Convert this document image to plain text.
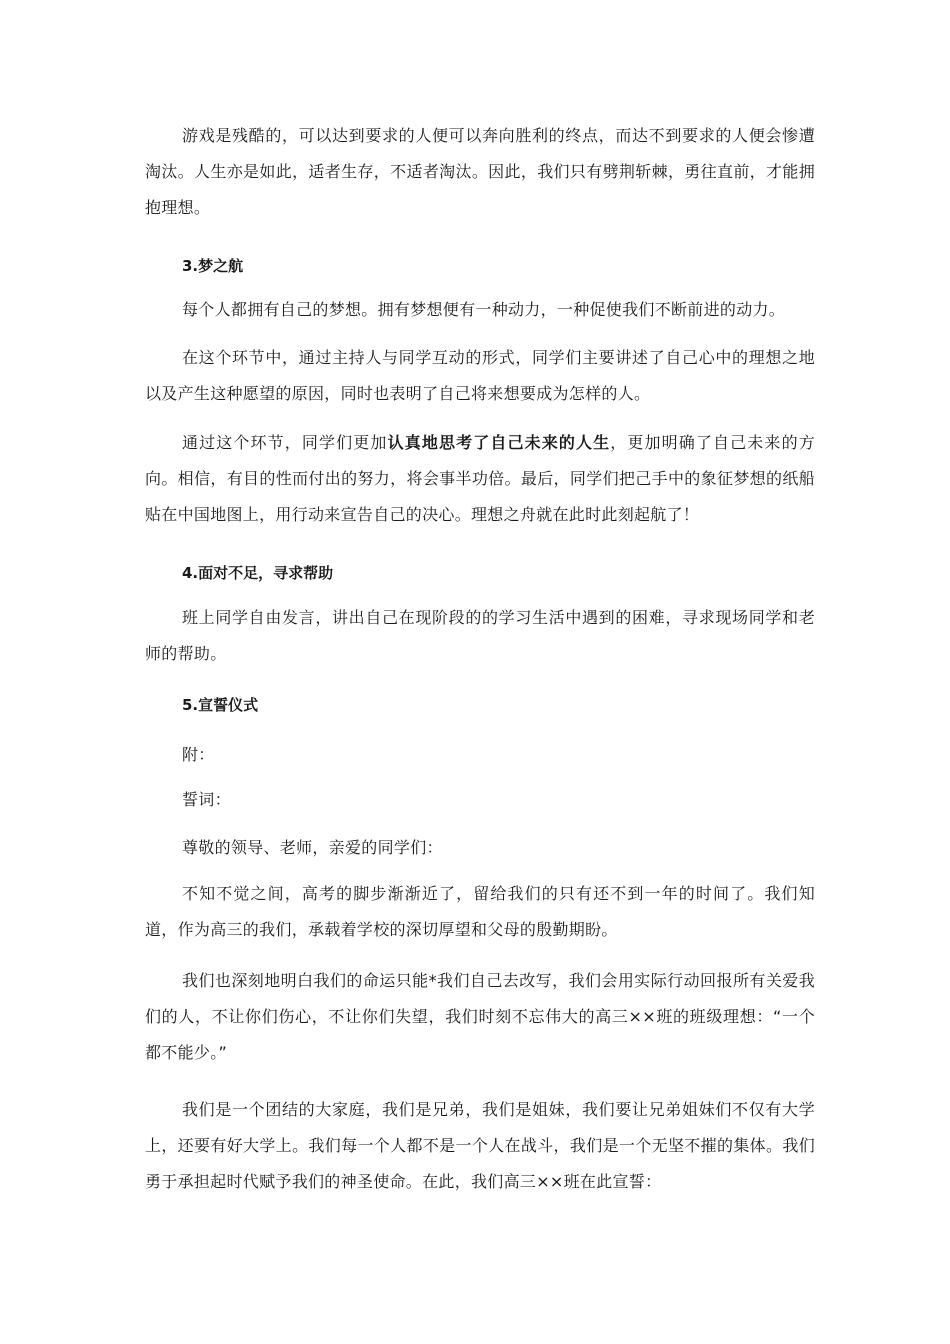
游戏是残酷的，可以达到要求的人便可以奔向胜利的终点，而达不到要求的人便会惨遭淘汰。人生亦是如此，适者生存，不适者淘汰。因此，我们只有劈荆斩棘，勇往直前，才能拥抱理想。

3.梦之航

每个人都拥有自己的梦想。拥有梦想便有一种动力，一种促使我们不断前进的动力。

在这个环节中，通过主持人与同学互动的形式，同学们主要讲述了自己心中的理想之地以及产生这种愿望的原因，同时也表明了自己将来想要成为怎样的人。

通过这个环节，同学们更加认真地思考了自己未来的人生，更加明确了自己未来的方向。相信，有目的性而付出的努力，将会事半功倍。最后，同学们把己手中的象征梦想的纸船贴在中国地图上，用行动来宣告自己的决心。理想之舟就在此时此刻起航了！

4.面对不足，寻求帮助

班上同学自由发言，讲出自己在现阶段的的学习生活中遇到的困难，寻求现场同学和老师的帮助。

5.宣誓仪式

附：

誓词：

尊敬的领导、老师，亲爱的同学们：

不知不觉之间，高考的脚步渐渐近了，留给我们的只有还不到一年的时间了。我们知道，作为高三的我们，承载着学校的深切厚望和父母的殷勤期盼。

我们也深刻地明白我们的命运只能*我们自己去改写，我们会用实际行动回报所有关爱我们的人，不让你们伤心，不让你们失望，我们时刻不忘伟大的高三××班的班级理想：“一个都不能少。”

我们是一个团结的大家庭，我们是兄弟，我们是姐妹，我们要让兄弟姐妹们不仅有大学上，还要有好大学上。我们每一个人都不是一个人在战斗，我们是一个无坚不摧的集体。我们勇于承担起时代赋予我们的神圣使命。在此，我们高三××班在此宣誓：
